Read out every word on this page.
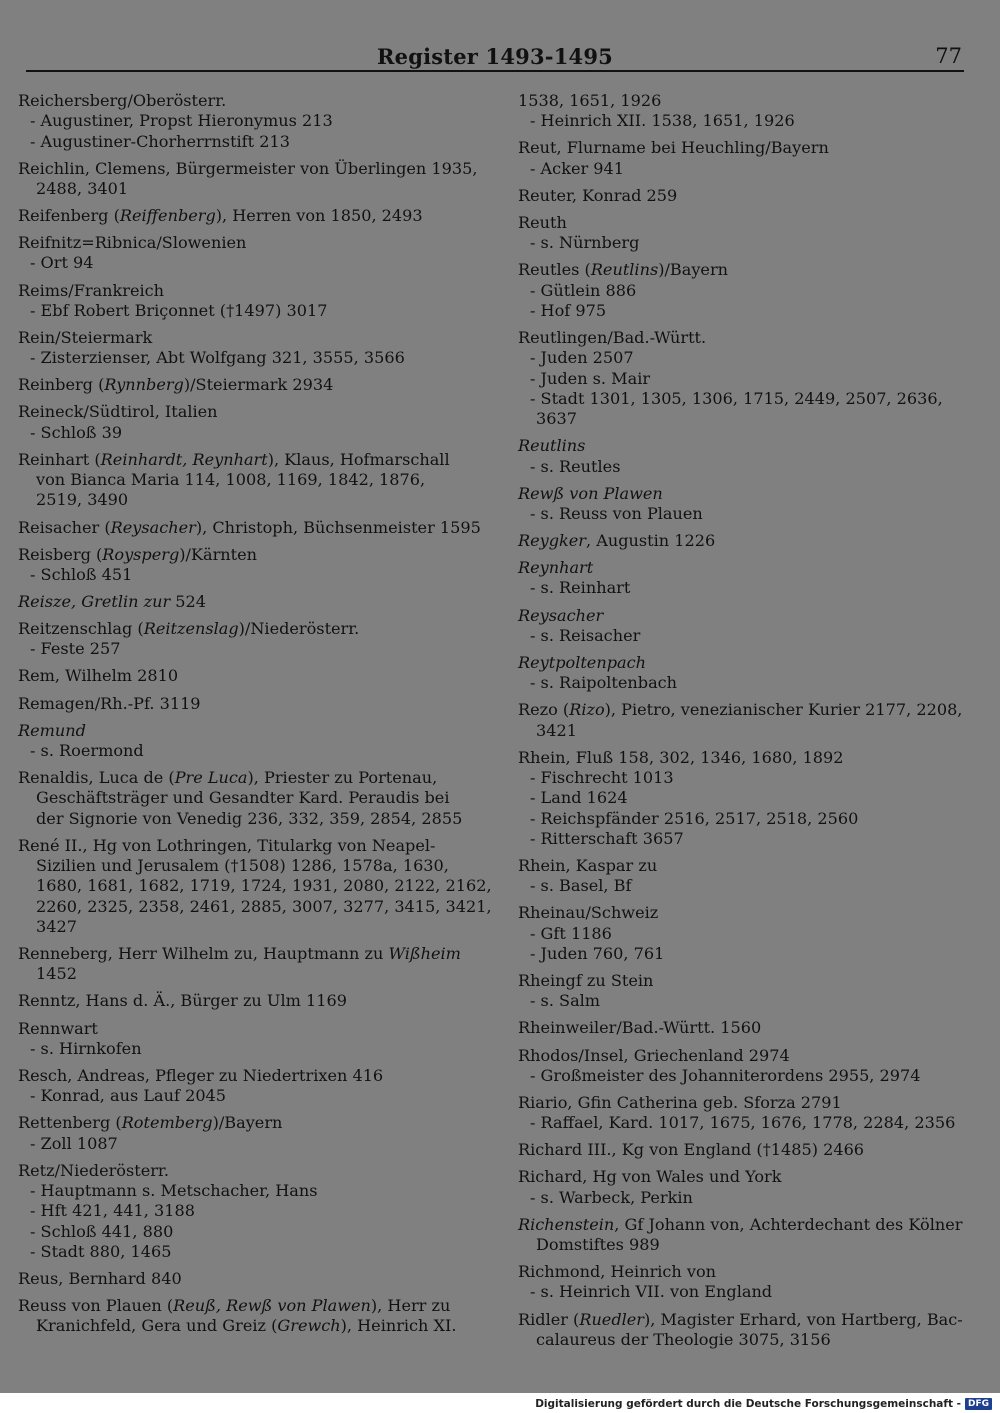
Register 1493-1495	77
Reichersberg/Oberösterr.
- Augustiner, Propst Hieronymus 213
- Augustiner-Chorherrnstift 213
Reichlin, Clemens, Bürgermeister von Überlingen 1935,
2488, 3401
Reifenberg (Reiffenberg), Herren von 1850, 2493
Reifnitz=Ribnica/Slowenien
- Ort 94
Reims/Frankreich
- Ebf Robert Briçonnet (†1497) 3017
Rein/Steiermark
- Zisterzienser, Abt Wolfgang 321, 3555, 3566
Reinberg (Rynnberg)/Steiermark 2934
Reineck/Südtirol, Italien
- Schloß 39
Reinhart (Reinhardt, Reynhart), Klaus, Hofmarschall
von Bianca Maria 114, 1008, 1169, 1842, 1876,
2519, 3490
Reisacher (Reysacher), Christoph, Büchsenmeister 1595
Reisberg (Roysperg)/Kärnten
- Schloß 451
Reisze, Gretlin zur 524
Reitzenschlag (Reitzenslag)/Niederösterr.
- Feste 257
Rem, Wilhelm 2810
Remagen/Rh.-Pf. 3119
Remund
- s. Roermond
Renaldis, Luca de (Pre Luca), Priester zu Portenau,
Geschäftsträger und Gesandter Kard. Peraudis bei
der Signorie von Venedig 236, 332, 359, 2854, 2855
René II., Hg von Lothringen, Titularkg von Neapel-
Sizilien und Jerusalem (†1508) 1286, 1578a, 1630,
1680, 1681, 1682, 1719, 1724, 1931, 2080, 2122, 2162,
2260, 2325, 2358, 2461, 2885, 3007, 3277, 3415, 3421,
3427
Renneberg, Herr Wilhelm zu, Hauptmann zu Wißheim
1452
Renntz, Hans d. Ä., Bürger zu Ulm 1169
Rennwart
- s. Hirnkofen
Resch, Andreas, Pfleger zu Niedertrixen 416
- Konrad, aus Lauf 2045
Rettenberg (Rotemberg)/Bayern
- Zoll 1087
Retz/Niederösterr.
- Hauptmann s. Metschacher, Hans
- Hft 421, 441, 3188
- Schloß 441, 880
- Stadt 880, 1465
Reus, Bernhard 840
Reuss von Plauen (Reuß, Rewß von Plawen), Herr zu
Kranichfeld, Gera und Greiz (Grewch), Heinrich XI.
1538, 1651, 1926
- Heinrich XII. 1538, 1651, 1926
Reut, Flurname bei Heuchling/Bayern
- Acker 941
Reuter, Konrad 259
Reuth
- s. Nürnberg
Reutles (Reutlins)/Bayern
- Gütlein 886
- Hof 975
Reutlingen/Bad.-Württ.
- Juden 2507
- Juden s. Mair
- Stadt 1301, 1305, 1306, 1715, 2449, 2507, 2636,
3637
Reutlins
- s. Reutles
Rewß von Plawen
- s. Reuss von Plauen
Reygker, Augustin 1226
Reynhart
- s. Reinhart
Reysacher
- s. Reisacher
Reytpoltenpach
- s. Raipoltenbach
Rezo (Rizo), Pietro, venezianischer Kurier 2177, 2208,
3421
Rhein, Fluß 158, 302, 1346, 1680, 1892
- Fischrecht 1013
- Land 1624
- Reichspfänder 2516, 2517, 2518, 2560
- Ritterschaft 3657
Rhein, Kaspar zu
- s. Basel, Bf
Rheinau/Schweiz
- Gft 1186
- Juden 760, 761
Rheingf zu Stein
- s. Salm
Rheinweiler/Bad.-Württ. 1560
Rhodos/Insel, Griechenland 2974
- Großmeister des Johanniterordens 2955, 2974
Riario, Gfin Catherina geb. Sforza 2791
- Raffael, Kard. 1017, 1675, 1676, 1778, 2284, 2356
Richard III., Kg von England (†1485) 2466
Richard, Hg von Wales und York
- s. Warbeck, Perkin
Richenstein, Gf Johann von, Achterdechant des Kölner
Domstiftes 989
Richmond, Heinrich von
- s. Heinrich VII. von England
Ridler (Ruedler), Magister Erhard, von Hartberg, Bac-
calaureus der Theologie 3075, 3156
Digitalisierung gefördert durch die Deutsche Forschungsgemeinschaft - DFG
